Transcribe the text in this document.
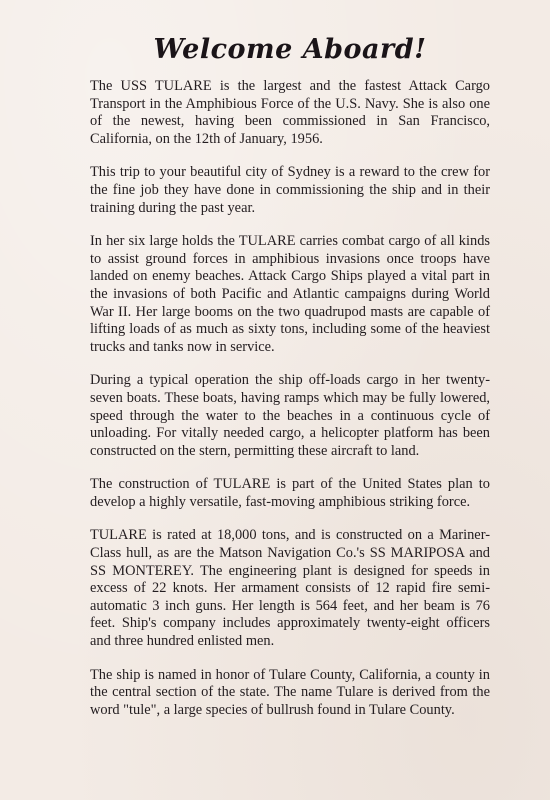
Welcome Aboard!

The USS TULARE is the largest and the fastest Attack Cargo Transport in the Amphibious Force of the U.S. Navy. She is also one of the newest, having been commissioned in San Francisco, California, on the 12th of January, 1956.

This trip to your beautiful city of Sydney is a reward to the crew for the fine job they have done in commissioning the ship and in their training during the past year.

In her six large holds the TULARE carries combat cargo of all kinds to assist ground forces in amphibious invasions once troops have landed on enemy beaches. Attack Cargo Ships played a vital part in the invasions of both Pacific and Atlantic campaigns during World War II. Her large booms on the two quadrupod masts are capable of lifting loads of as much as sixty tons, including some of the heaviest trucks and tanks now in service.

During a typical operation the ship off-loads cargo in her twenty-seven boats. These boats, having ramps which may be fully lowered, speed through the water to the beaches in a continuous cycle of unloading. For vitally needed cargo, a helicopter platform has been constructed on the stern, permitting these aircraft to land.

The construction of TULARE is part of the United States plan to develop a highly versatile, fast-moving amphibious striking force.

TULARE is rated at 18,000 tons, and is constructed on a Mariner-Class hull, as are the Matson Navigation Co.'s SS MARIPOSA and SS MONTEREY. The engineering plant is designed for speeds in excess of 22 knots. Her armament consists of 12 rapid fire semi-automatic 3 inch guns. Her length is 564 feet, and her beam is 76 feet. Ship's company includes approximately twenty-eight officers and three hundred enlisted men.

The ship is named in honor of Tulare County, California, a county in the central section of the state. The name Tulare is derived from the word "tule", a large species of bullrush found in Tulare County.
